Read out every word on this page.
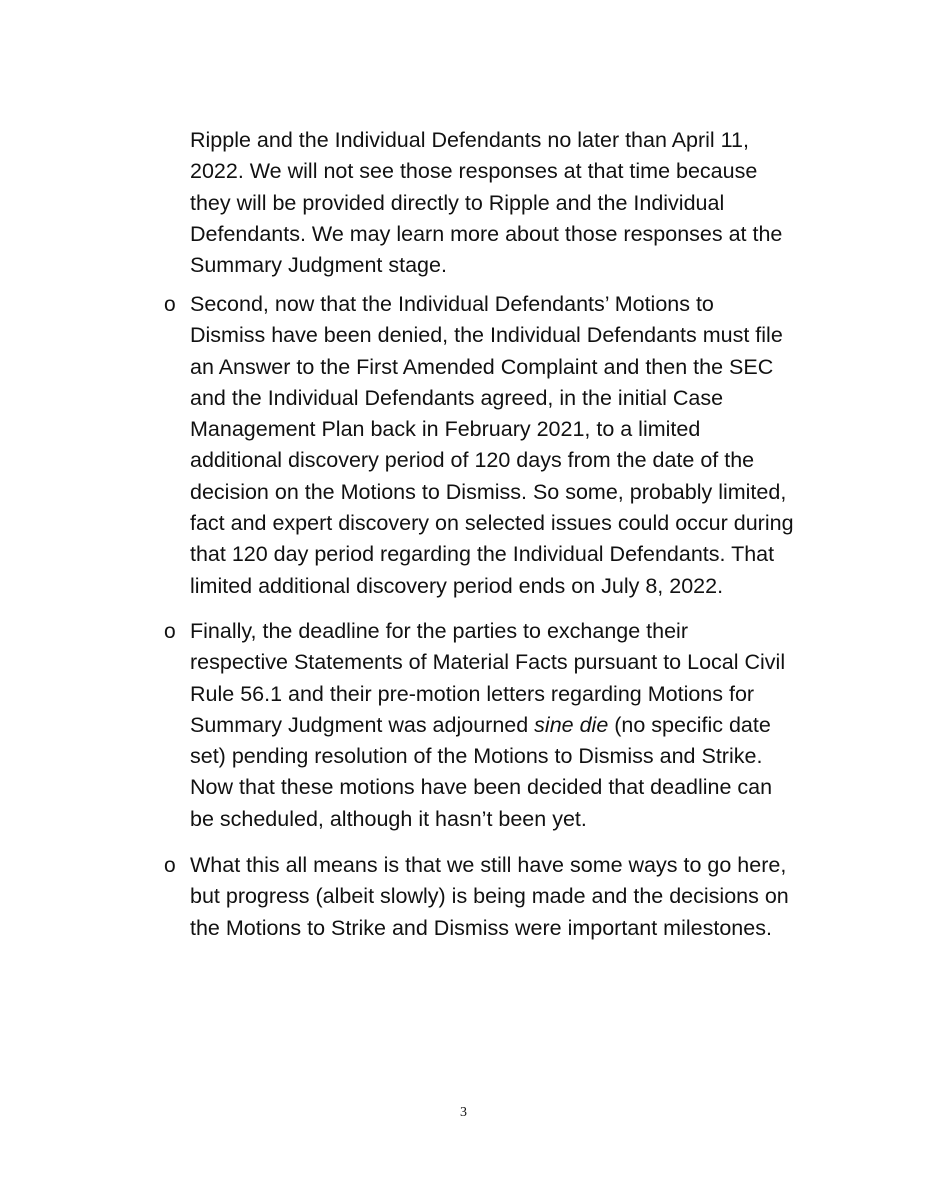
Ripple and the Individual Defendants no later than April 11,
2022. We will not see those responses at that time because
they will be provided directly to Ripple and the Individual
Defendants. We may learn more about those responses at the
Summary Judgment stage.
o Second, now that the Individual Defendants’ Motions to
Dismiss have been denied, the Individual Defendants must file
an Answer to the First Amended Complaint and then the SEC
and the Individual Defendants agreed, in the initial Case
Management Plan back in February 2021, to a limited
additional discovery period of 120 days from the date of the
decision on the Motions to Dismiss. So some, probably limited,
fact and expert discovery on selected issues could occur during
that 120 day period regarding the Individual Defendants. That
limited additional discovery period ends on July 8, 2022.
o Finally, the deadline for the parties to exchange their
respective Statements of Material Facts pursuant to Local Civil
Rule 56.1 and their pre-motion letters regarding Motions for
Summary Judgment was adjourned sine die (no specific date
set) pending resolution of the Motions to Dismiss and Strike.
Now that these motions have been decided that deadline can
be scheduled, although it hasn’t been yet.
o What this all means is that we still have some ways to go here,
but progress (albeit slowly) is being made and the decisions on
the Motions to Strike and Dismiss were important milestones.
3
